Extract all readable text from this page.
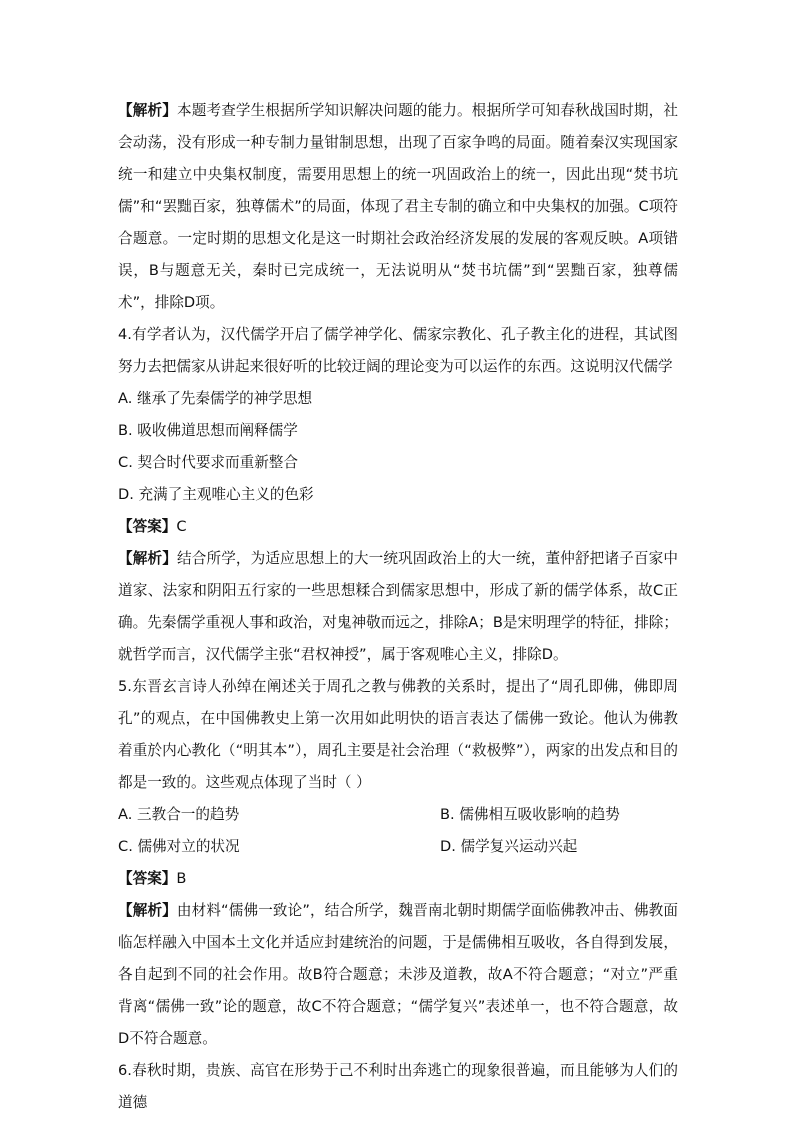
【解析】本题考查学生根据所学知识解决问题的能力。根据所学可知春秋战国时期，社会动荡，没有形成一种专制力量钳制思想，出现了百家争鸣的局面。随着秦汉实现国家统一和建立中央集权制度，需要用思想上的统一巩固政治上的统一，因此出现“焚书坑儒”和“罢黜百家，独尊儒术”的局面，体现了君主专制的确立和中央集权的加强。C项符合题意。一定时期的思想文化是这一时期社会政治经济发展的发展的客观反映。A项错误，B与题意无关，秦时已完成统一，无法说明从“焚书坑儒”到“罢黜百家，独尊儒术”，排除D项。

4.有学者认为，汉代儒学开启了儒学神学化、儒家宗教化、孔子教主化的进程，其试图努力去把儒家从讲起来很好听的比较迂阔的理论变为可以运作的东西。这说明汉代儒学

A. 继承了先秦儒学的神学思想

B. 吸收佛道思想而阐释儒学

C. 契合时代要求而重新整合

D. 充满了主观唯心主义的色彩

【答案】C

【解析】结合所学，为适应思想上的大一统巩固政治上的大一统，董仲舒把诸子百家中道家、法家和阴阳五行家的一些思想糅合到儒家思想中，形成了新的儒学体系，故C正确。先秦儒学重视人事和政治，对鬼神敬而远之，排除A；B是宋明理学的特征，排除；就哲学而言，汉代儒学主张“君权神授”，属于客观唯心主义，排除D。

5.东晋玄言诗人孙绰在阐述关于周孔之教与佛教的关系时，提出了“周孔即佛，佛即周孔”的观点，在中国佛教史上第一次用如此明快的语言表达了儒佛一致论。他认为佛教着重於内心教化（“明其本”），周孔主要是社会治理（“救极弊”），两家的出发点和目的都是一致的。这些观点体现了当时（ ）

A. 三教合一的趋势	B. 儒佛相互吸收影响的趋势

C. 儒佛对立的状况	D. 儒学复兴运动兴起

【答案】B

【解析】由材料“儒佛一致论”，结合所学，魏晋南北朝时期儒学面临佛教冲击、佛教面临怎样融入中国本土文化并适应封建统治的问题，于是儒佛相互吸收，各自得到发展，各自起到不同的社会作用。故B符合题意；未涉及道教，故A不符合题意；“对立”严重背离“儒佛一致”论的题意，故C不符合题意；“儒学复兴”表述单一，也不符合题意，故D不符合题意。

6.春秋时期，贵族、高官在形势于己不利时出奔逃亡的现象很普遍，而且能够为人们的道德
